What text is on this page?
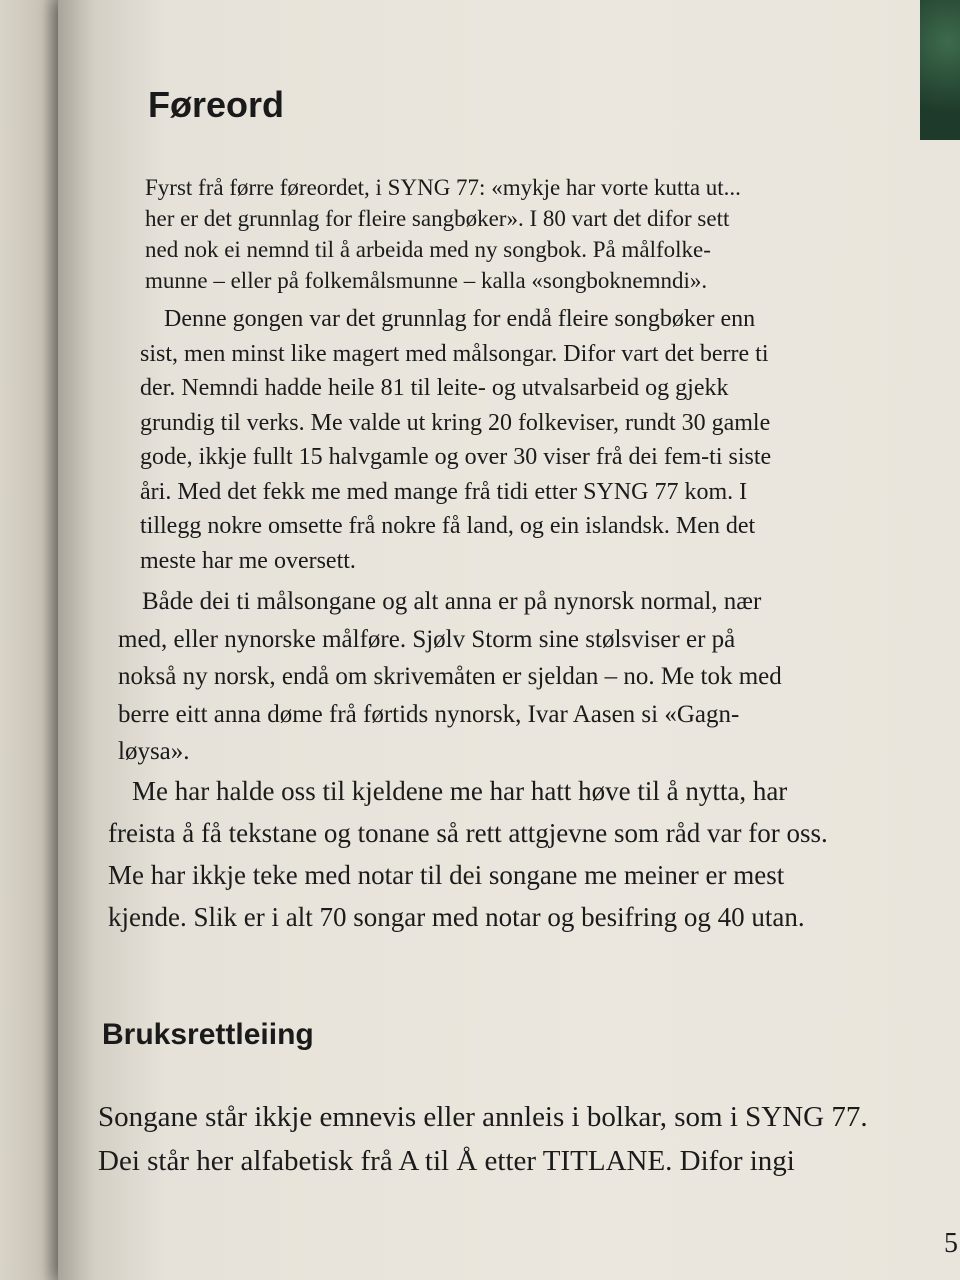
Føreord
Fyrst frå førre føreordet, i SYNG 77: «mykje har vorte kutta ut...
her er det grunnlag for fleire sangbøker». I 80 vart det difor sett
ned nok ei nemnd til å arbeida med ny songbok. På målfolke-
munne – eller på folkemålsmunne – kalla «songboknemndi».
Denne gongen var det grunnlag for endå fleire songbøker enn
sist, men minst like magert med målsongar. Difor vart det berre ti
der. Nemndi hadde heile 81 til leite- og utvalsarbeid og gjekk
grundig til verks. Me valde ut kring 20 folkeviser, rundt 30 gamle
gode, ikkje fullt 15 halvgamle og over 30 viser frå dei fem-ti siste
åri. Med det fekk me med mange frå tidi etter SYNG 77 kom. I
tillegg nokre omsette frå nokre få land, og ein islandsk. Men det
meste har me oversett.
Både dei ti målsongane og alt anna er på nynorsk normal, nær
med, eller nynorske målføre. Sjølv Storm sine stølsviser er på
nokså ny norsk, endå om skrivemåten er sjeldan – no. Me tok med
berre eitt anna døme frå førtids nynorsk, Ivar Aasen si «Gagn-
løysa».
Me har halde oss til kjeldene me har hatt høve til å nytta, har
freista å få tekstane og tonane så rett attgjevne som råd var for oss.
Me har ikkje teke med notar til dei songane me meiner er mest
kjende. Slik er i alt 70 songar med notar og besifring og 40 utan.
Bruksrettleiing
Songane står ikkje emnevis eller annleis i bolkar, som i SYNG 77.
Dei står her alfabetisk frå A til Å etter TITLANE. Difor ingi
5
